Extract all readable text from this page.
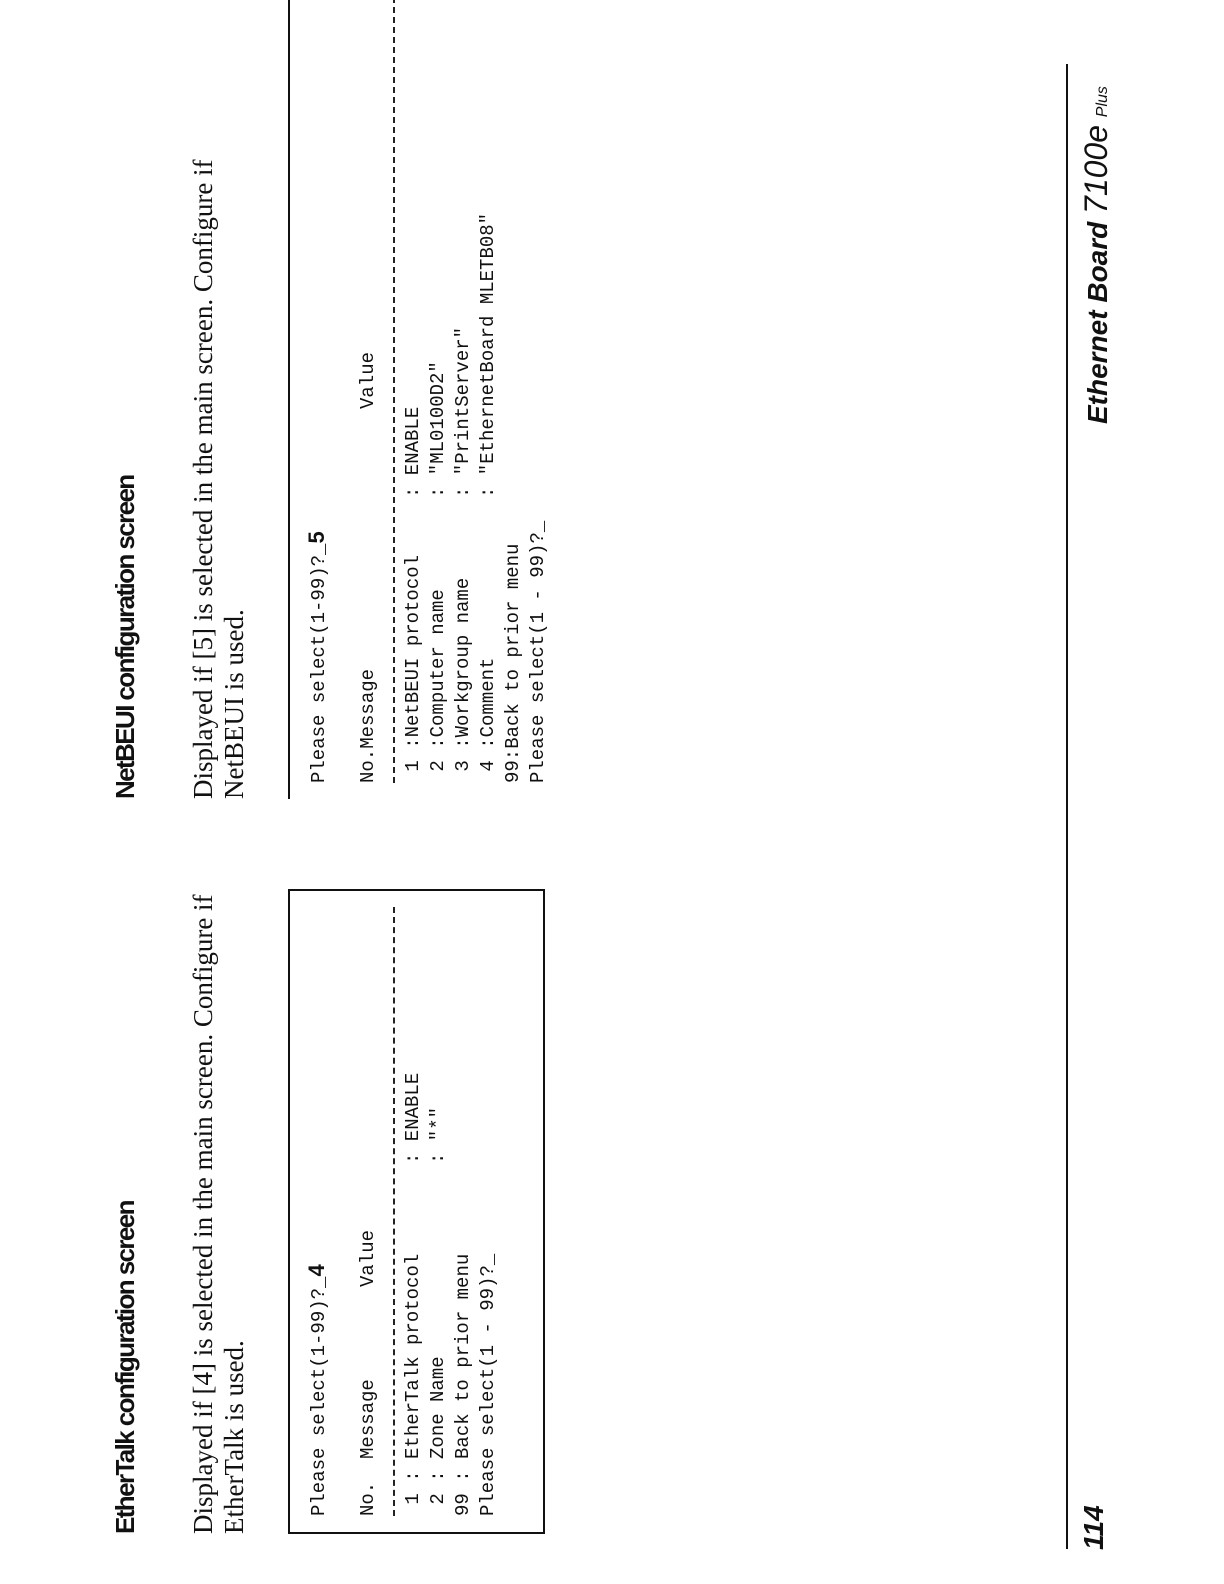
EtherTalk configuration screen Displayed if [4] is selected in the main screen. Configure if EtherTalk is used.	Please select(1-99)?_4
No.  Message
Value 1 : EtherTalk protocol
: ENABLE
2 : Zone Name
: "*"
99 : Back to prior menu Please select(1 - 99)?_
NetBEUI configuration screen Displayed if [5] is selected in the main screen. Configure if NetBEUI is used.	Please select(1-99)?_5
No.Message
Value
1 :NetBEUI protocol
: ENABLE
2 :Computer name
: "ML0100D2"
3 :Workgroup name
: "PrintServer"
4 :Comment
: "EthernetBoard MLETB08"
99:Back to prior menu Please select(1 - 99)?_

114

Ethernet Board 7100e Plus
